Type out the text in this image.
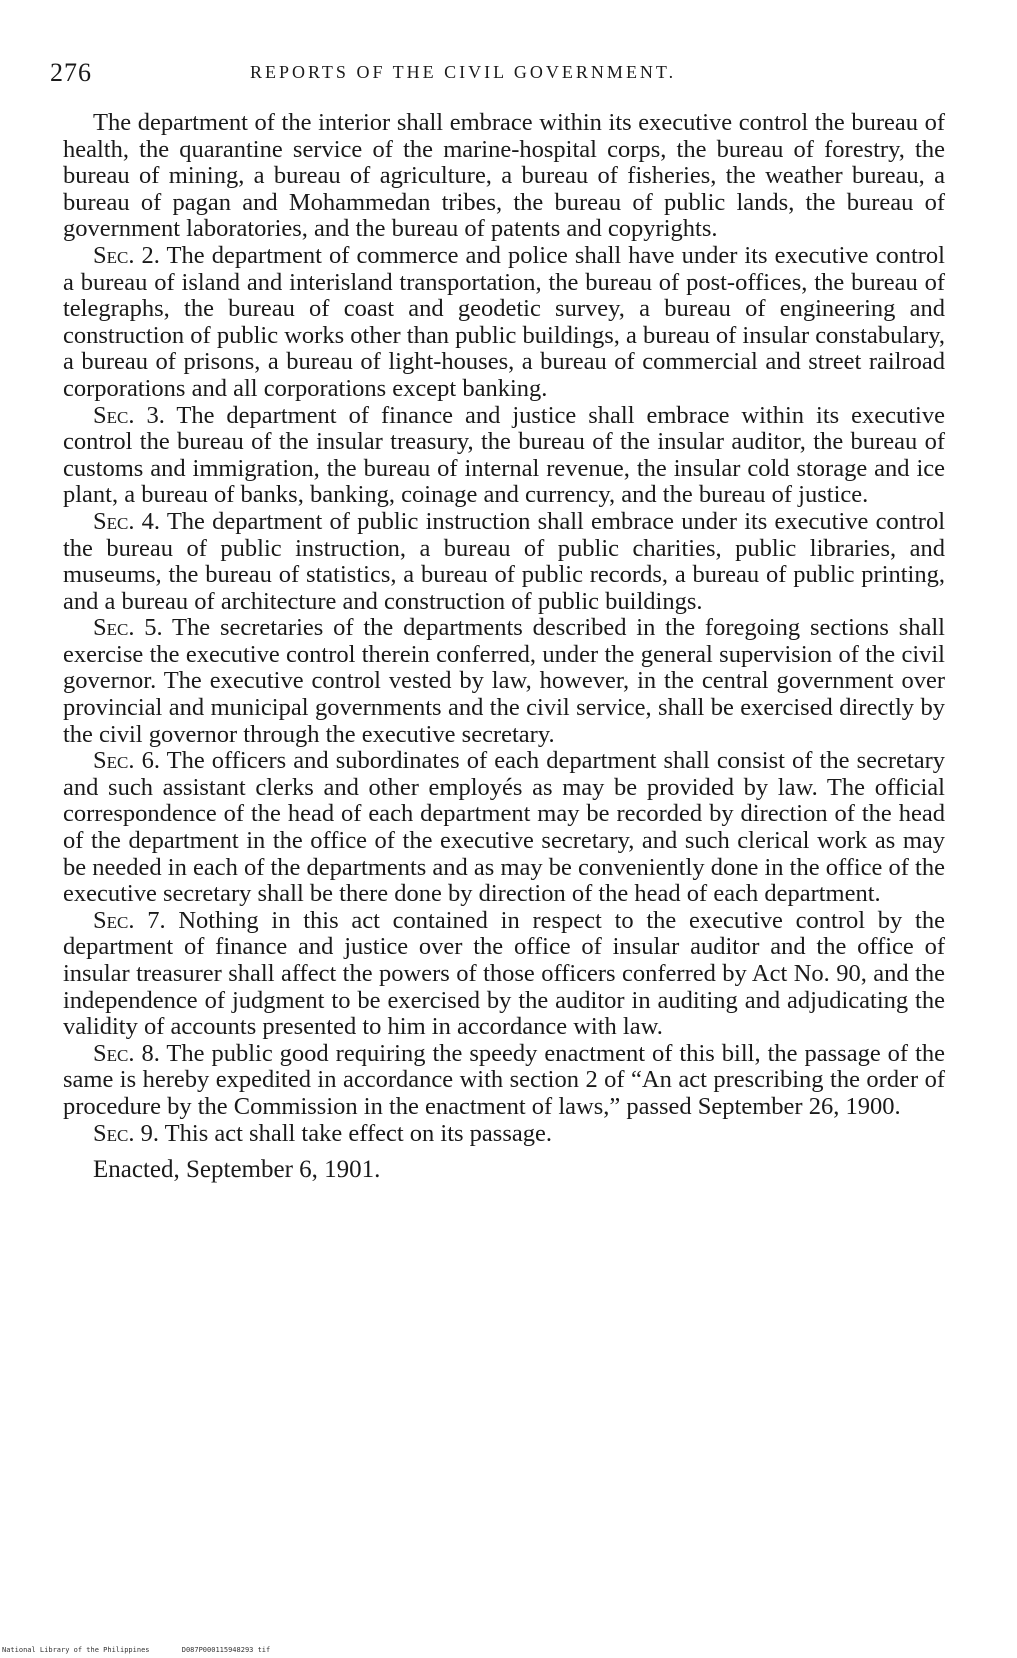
276	REPORTS OF THE CIVIL GOVERNMENT.

The department of the interior shall embrace within its executive control the bureau of health, the quarantine service of the marine-hospital corps, the bureau of forestry, the bureau of mining, a bureau of agriculture, a bureau of fisheries, the weather bureau, a bureau of pagan and Mohammedan tribes, the bureau of public lands, the bureau of government laboratories, and the bureau of patents and copyrights.

Sec. 2. The department of commerce and police shall have under its executive control a bureau of island and interisland transportation, the bureau of post-offices, the bureau of telegraphs, the bureau of coast and geodetic survey, a bureau of engineering and construction of public works other than public buildings, a bureau of insular constabulary, a bureau of prisons, a bureau of light-houses, a bureau of commercial and street railroad corporations and all corporations except banking.

Sec. 3. The department of finance and justice shall embrace within its executive control the bureau of the insular treasury, the bureau of the insular auditor, the bureau of customs and immigration, the bureau of internal revenue, the insular cold storage and ice plant, a bureau of banks, banking, coinage and currency, and the bureau of justice.

Sec. 4. The department of public instruction shall embrace under its executive control the bureau of public instruction, a bureau of public charities, public libraries, and museums, the bureau of statistics, a bureau of public records, a bureau of public printing, and a bureau of architecture and construction of public buildings.

Sec. 5. The secretaries of the departments described in the foregoing sections shall exercise the executive control therein conferred, under the general supervision of the civil governor. The executive control vested by law, however, in the central government over provincial and municipal governments and the civil service, shall be exercised directly by the civil governor through the executive secretary.

Sec. 6. The officers and subordinates of each department shall consist of the secretary and such assistant clerks and other employés as may be provided by law. The official correspondence of the head of each department may be recorded by direction of the head of the department in the office of the executive secretary, and such clerical work as may be needed in each of the departments and as may be conveniently done in the office of the executive secretary shall be there done by direction of the head of each department.

Sec. 7. Nothing in this act contained in respect to the executive control by the department of finance and justice over the office of insular auditor and the office of insular treasurer shall affect the powers of those officers conferred by Act No. 90, and the independence of judgment to be exercised by the auditor in auditing and adjudicating the validity of accounts presented to him in accordance with law.

Sec. 8. The public good requiring the speedy enactment of this bill, the passage of the same is hereby expedited in accordance with section 2 of “An act prescribing the order of procedure by the Commission in the enactment of laws,” passed September 26, 1900.

Sec. 9. This act shall take effect on its passage.

Enacted, September 6, 1901.

National Library of the Philippines	D087P000115948293 tif
